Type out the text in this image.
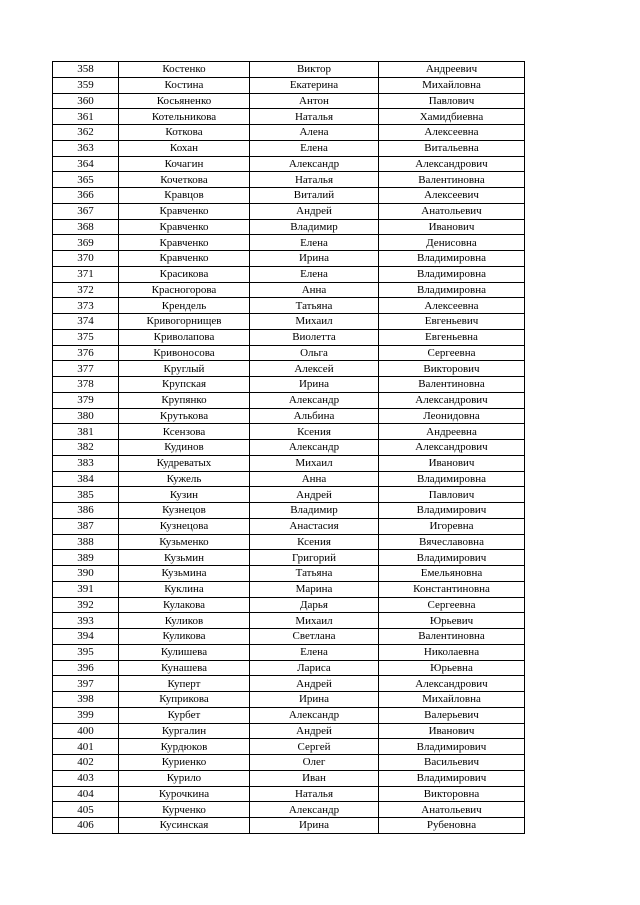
358	Костенко	Виктор	Андреевич
359	Костина	Екатерина	Михайловна
360	Косьяненко	Антон	Павлович
361	Котельникова	Наталья	Хамидбиевна
362	Коткова	Алена	Алексеевна
363	Кохан	Елена	Витальевна
364	Кочагин	Александр	Александрович
365	Кочеткова	Наталья	Валентиновна
366	Кравцов	Виталий	Алексеевич
367	Кравченко	Андрей	Анатольевич
368	Кравченко	Владимир	Иванович
369	Кравченко	Елена	Денисовна
370	Кравченко	Ирина	Владимировна
371	Красикова	Елена	Владимировна
372	Красногорова	Анна	Владимировна
373	Крендель	Татьяна	Алексеевна
374	Кривогорнищев	Михаил	Евгеньевич
375	Криволапова	Виолетта	Евгеньевна
376	Кривоносова	Ольга	Сергеевна
377	Круглый	Алексей	Викторович
378	Крупская	Ирина	Валентиновна
379	Крупянко	Александр	Александрович
380	Крутькова	Альбина	Леонидовна
381	Ксензова	Ксения	Андреевна
382	Кудинов	Александр	Александрович
383	Кудреватых	Михаил	Иванович
384	Кужель	Анна	Владимировна
385	Кузин	Андрей	Павлович
386	Кузнецов	Владимир	Владимирович
387	Кузнецова	Анастасия	Игоревна
388	Кузьменко	Ксения	Вячеславовна
389	Кузьмин	Григорий	Владимирович
390	Кузьмина	Татьяна	Емельяновна
391	Куклина	Марина	Константиновна
392	Кулакова	Дарья	Сергеевна
393	Куликов	Михаил	Юрьевич
394	Куликова	Светлана	Валентиновна
395	Кулишева	Елена	Николаевна
396	Кунашева	Лариса	Юрьевна
397	Куперт	Андрей	Александрович
398	Куприкова	Ирина	Михайловна
399	Курбет	Александр	Валерьевич
400	Кургалин	Андрей	Иванович
401	Курдюков	Сергей	Владимирович
402	Куриенко	Олег	Васильевич
403	Курило	Иван	Владимирович
404	Курочкина	Наталья	Викторовна
405	Курченко	Александр	Анатольевич
406	Кусинская	Ирина	Рубеновна
